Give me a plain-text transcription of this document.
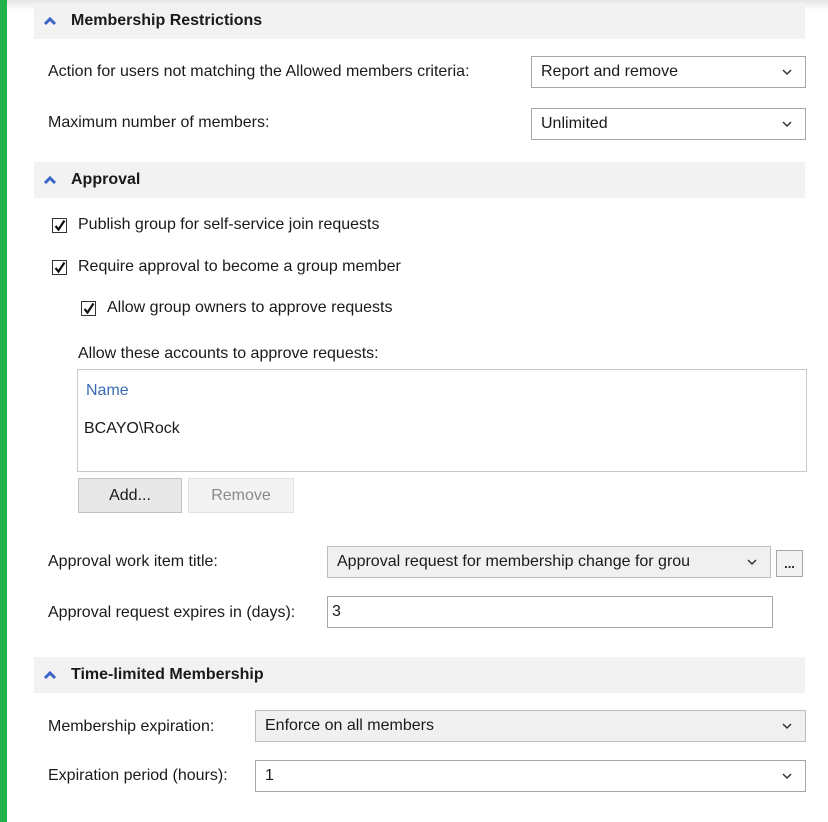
Membership Restrictions
Action for users not matching the Allowed members criteria:	Report and remove
Maximum number of members:	Unlimited
Approval
Publish group for self-service join requests
Require approval to become a group member
Allow group owners to approve requests
Allow these accounts to approve requests:
Name
BCAYO\Rock
Add...	Remove
Approval work item title:	Approval request for membership change for grou	...
Approval request expires in (days): 3
Time-limited Membership
Membership expiration:	Enforce on all members
Expiration period (hours): 1
